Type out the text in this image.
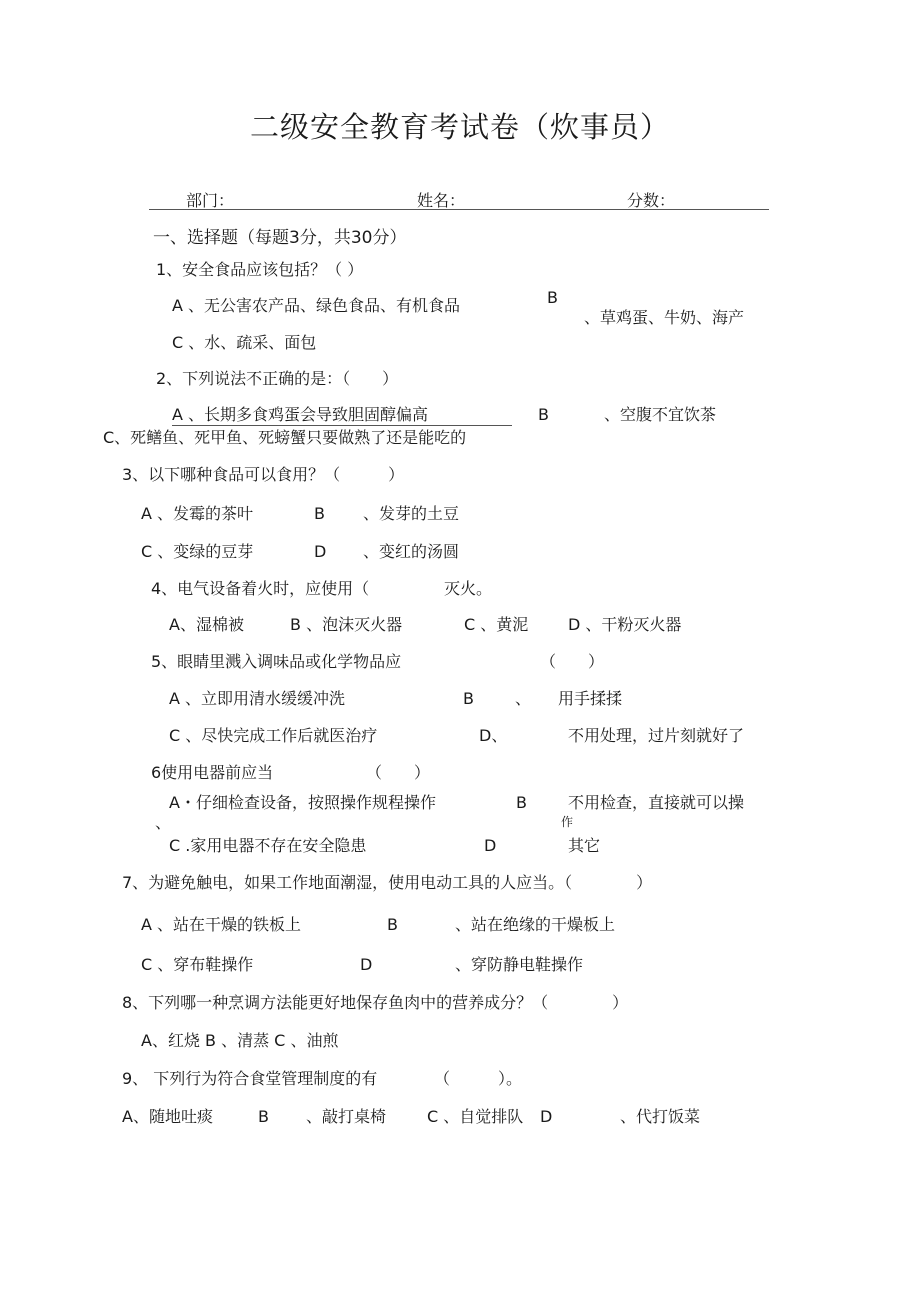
二级安全教育考试卷（炊事员）
部门：	姓名：	分数：
一、选择题（每题3分，共30分）
1、安全食品应该包括？（ ）
A 、无公害农产品、绿色食品、有机食品	B
、草鸡蛋、牛奶、海产
C 、水、疏采、面包
2、下列说法不正确的是：（　　）
A 、长期多食鸡蛋会导致胆固醇偏高	B	、空腹不宜饮茶
C、死鳝鱼、死甲鱼、死螃蟹只要做熟了还是能吃的
3、以下哪种食品可以食用？（　　　）
A 、发霉的茶叶	B 、发芽的土豆
C 、变绿的豆芽	D 、变红的汤圆
4、电气设备着火时，应使用（	灭火。
A、湿棉被	B 、泡沫灭火器	C 、黄泥 D 、干粉灭火器
5、眼睛里溅入调味品或化学物品应	（　　）
A 、立即用清水缓缓冲洗	B	、 用手揉揉
C 、尽快完成工作后就医治疗	D、	不用处理，过片刻就好了
6使用电器前应当	（　　）
A・仔细检查设备，按照操作规程操作
、
B	不用检查，直接就可以操
作
C .家用电器不存在安全隐患	D	其它
7、为避免触电，如果工作地面潮湿，使用电动工具的人应当。（　　　　）
A 、站在干燥的铁板上	B	、站在绝缘的干燥板上
C 、穿布鞋操作	D	、穿防静电鞋操作
8、下列哪一种烹调方法能更好地保存鱼肉中的营养成分？（　　　　）
A、红烧 B 、清蒸 C 、油煎
9、 下列行为符合食堂管理制度的有	（　　　）。
A、随地吐痰	B 、敲打桌椅	C 、自觉排队 D	、代打饭菜
